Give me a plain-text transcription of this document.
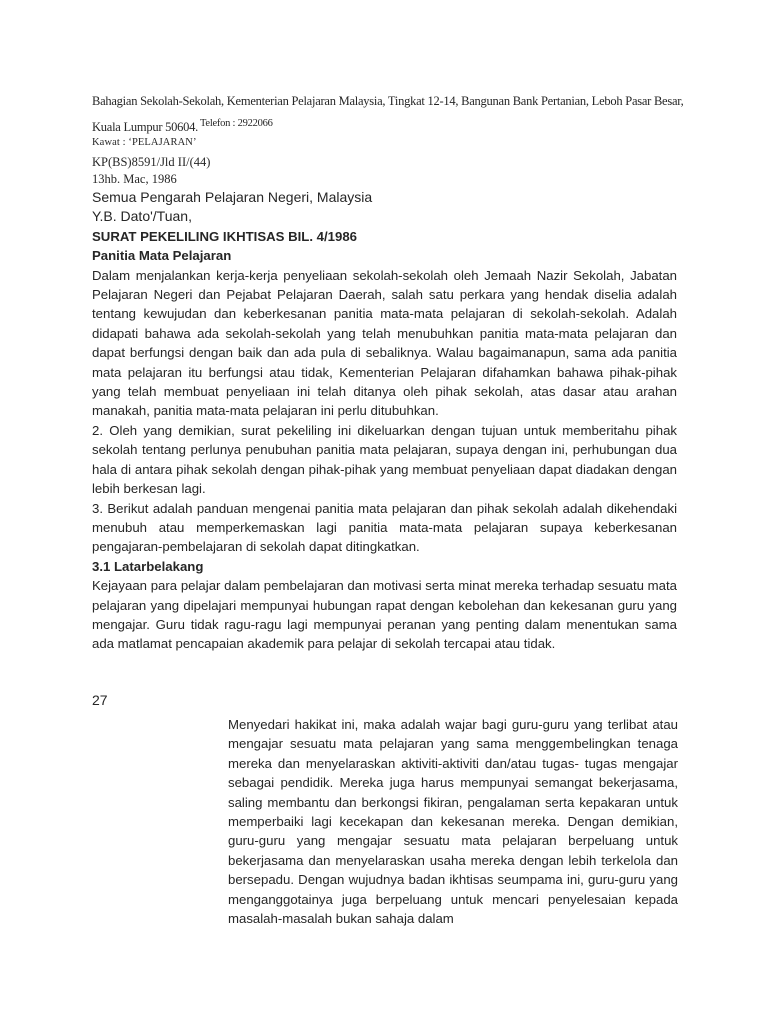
Bahagian Sekolah-Sekolah, Kementerian Pelajaran Malaysia, Tingkat 12-14, Bangunan Bank Pertanian, Leboh Pasar Besar, Kuala Lumpur 50604. $^{Telefon : 2922066}$
Kawat : ‘PELAJARAN’
KP(BS)8591/Jld II/(44)
13hb. Mac, 1986
Semua Pengarah Pelajaran Negeri, Malaysia
Y.B. Dato'/Tuan,
SURAT PEKELILING IKHTISAS BIL. 4/1986
Panitia Mata Pelajaran

Dalam menjalankan kerja-kerja penyeliaan sekolah-sekolah oleh Jemaah Nazir Sekolah, Jabatan Pelajaran Negeri dan Pejabat Pelajaran Daerah, salah satu perkara yang hendak diselia adalah tentang kewujudan dan keberkesanan panitia mata-mata pelajaran di sekolah-sekolah. Adalah didapati bahawa ada sekolah-sekolah yang telah menubuhkan panitia mata-mata pelajaran dan dapat berfungsi dengan baik dan ada pula di sebaliknya. Walau bagaimanapun, sama ada panitia mata pelajaran itu berfungsi atau tidak, Kementerian Pelajaran difahamkan bahawa pihak-pihak yang telah membuat penyeliaan ini telah ditanya oleh pihak sekolah, atas dasar atau arahan manakah, panitia mata-mata pelajaran ini perlu ditubuhkan.

2. Oleh yang demikian, surat pekeliling ini dikeluarkan dengan tujuan untuk memberitahu pihak sekolah tentang perlunya penubuhan panitia mata pelajaran, supaya dengan ini, perhubungan dua hala di antara pihak sekolah dengan pihak-pihak yang membuat penyeliaan dapat diadakan dengan lebih berkesan lagi.

3. Berikut adalah panduan mengenai panitia mata pelajaran dan pihak sekolah adalah dikehendaki menubuh atau memperkemaskan lagi panitia mata-mata pelajaran supaya keberkesanan pengajaran-pembelajaran di sekolah dapat ditingkatkan.

3.1 Latarbelakang

Kejayaan para pelajar dalam pembelajaran dan motivasi serta minat mereka terhadap sesuatu mata pelajaran yang dipelajari mempunyai hubungan rapat dengan kebolehan dan kekesanan guru yang mengajar. Guru tidak ragu-ragu lagi mempunyai peranan yang penting dalam menentukan sama ada matlamat pencapaian akademik para pelajar di sekolah tercapai atau tidak.

27
Menyedari hakikat ini, maka adalah wajar bagi guru-guru yang terlibat atau mengajar sesuatu mata pelajaran yang sama menggembelingkan tenaga mereka dan menyelaraskan aktiviti-aktiviti dan/atau tugas- tugas mengajar sebagai pendidik. Mereka juga harus mempunyai semangat bekerjasama, saling membantu dan berkongsi fikiran, pengalaman serta kepakaran untuk memperbaiki lagi kecekapan dan kekesanan mereka. Dengan demikian, guru-guru yang mengajar sesuatu mata pelajaran berpeluang untuk bekerjasama dan menyelaraskan usaha mereka dengan lebih terkelola dan bersepadu. Dengan wujudnya badan ikhtisas seumpama ini, guru-guru yang menganggotainya juga berpeluang untuk mencari penyelesaian kepada masalah-masalah bukan sahaja dalam
